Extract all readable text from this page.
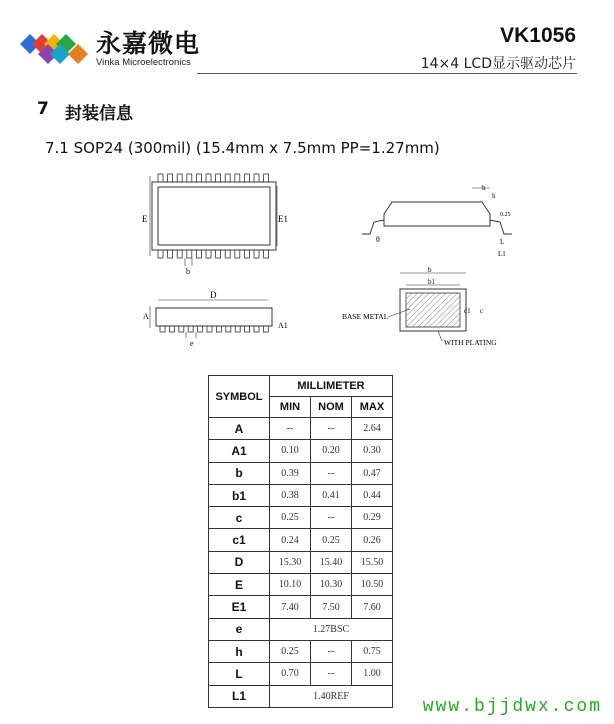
永嘉微电
Vinka Microelectronics
VK1056
14×4 LCD显示驱动芯片
7 封装信息
7.1 SOP24 (300mil) (15.4mm x 7.5mm PP=1.27mm)
E	E1
b
D
A
A1
e
h
h
0.25
θ	L
L1
b
b1
c1 c
BASE METAL
WITH PLATING
SYMBOL	MILLIMETER		
	MIN	NOM	MAX
A	--	--	2.64
A1	0.10	0.20	0.30
b	0.39	--	0.47
b1	0.38	0.41	0.44
c	0.25	--	0.29
c1	0.24	0.25	0.26
D	15.30	15.40	15.50
E	10.10	10.30	10.50
E1	7.40	7.50	7.60
e	1.27BSC		
h	0.25	--	0.75
L	0.70	--	1.00
L1	1.40REF		
www.bjjdwx.com
